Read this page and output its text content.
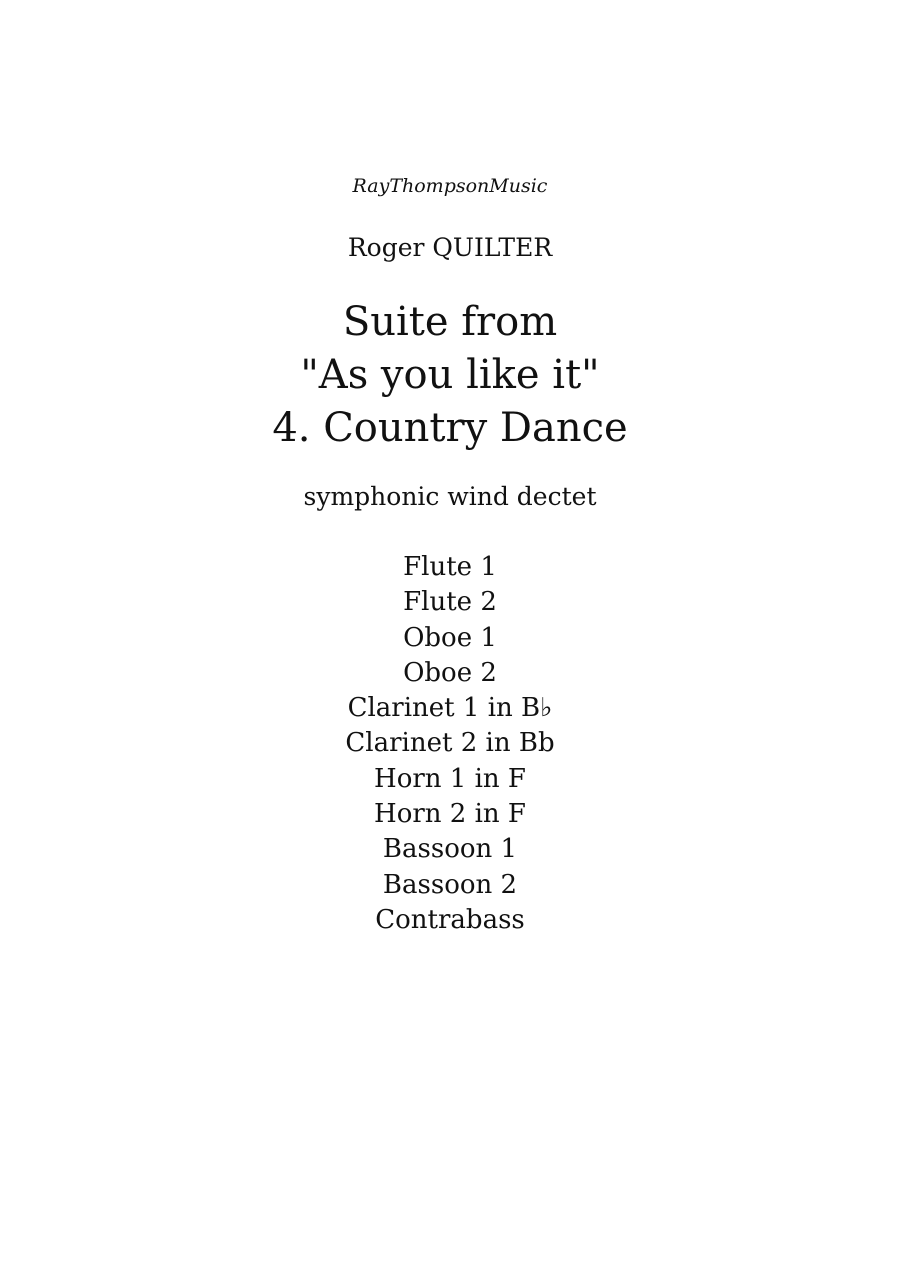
RayThompsonMusic
Roger QUILTER
Suite from
"As you like it"
4. Country Dance
symphonic wind dectet
Flute 1
Flute 2
Oboe 1
Oboe 2
Clarinet 1 in B♭
Clarinet 2 in Bb
Horn 1 in F
Horn 2 in F
Bassoon 1
Bassoon 2
Contrabass
